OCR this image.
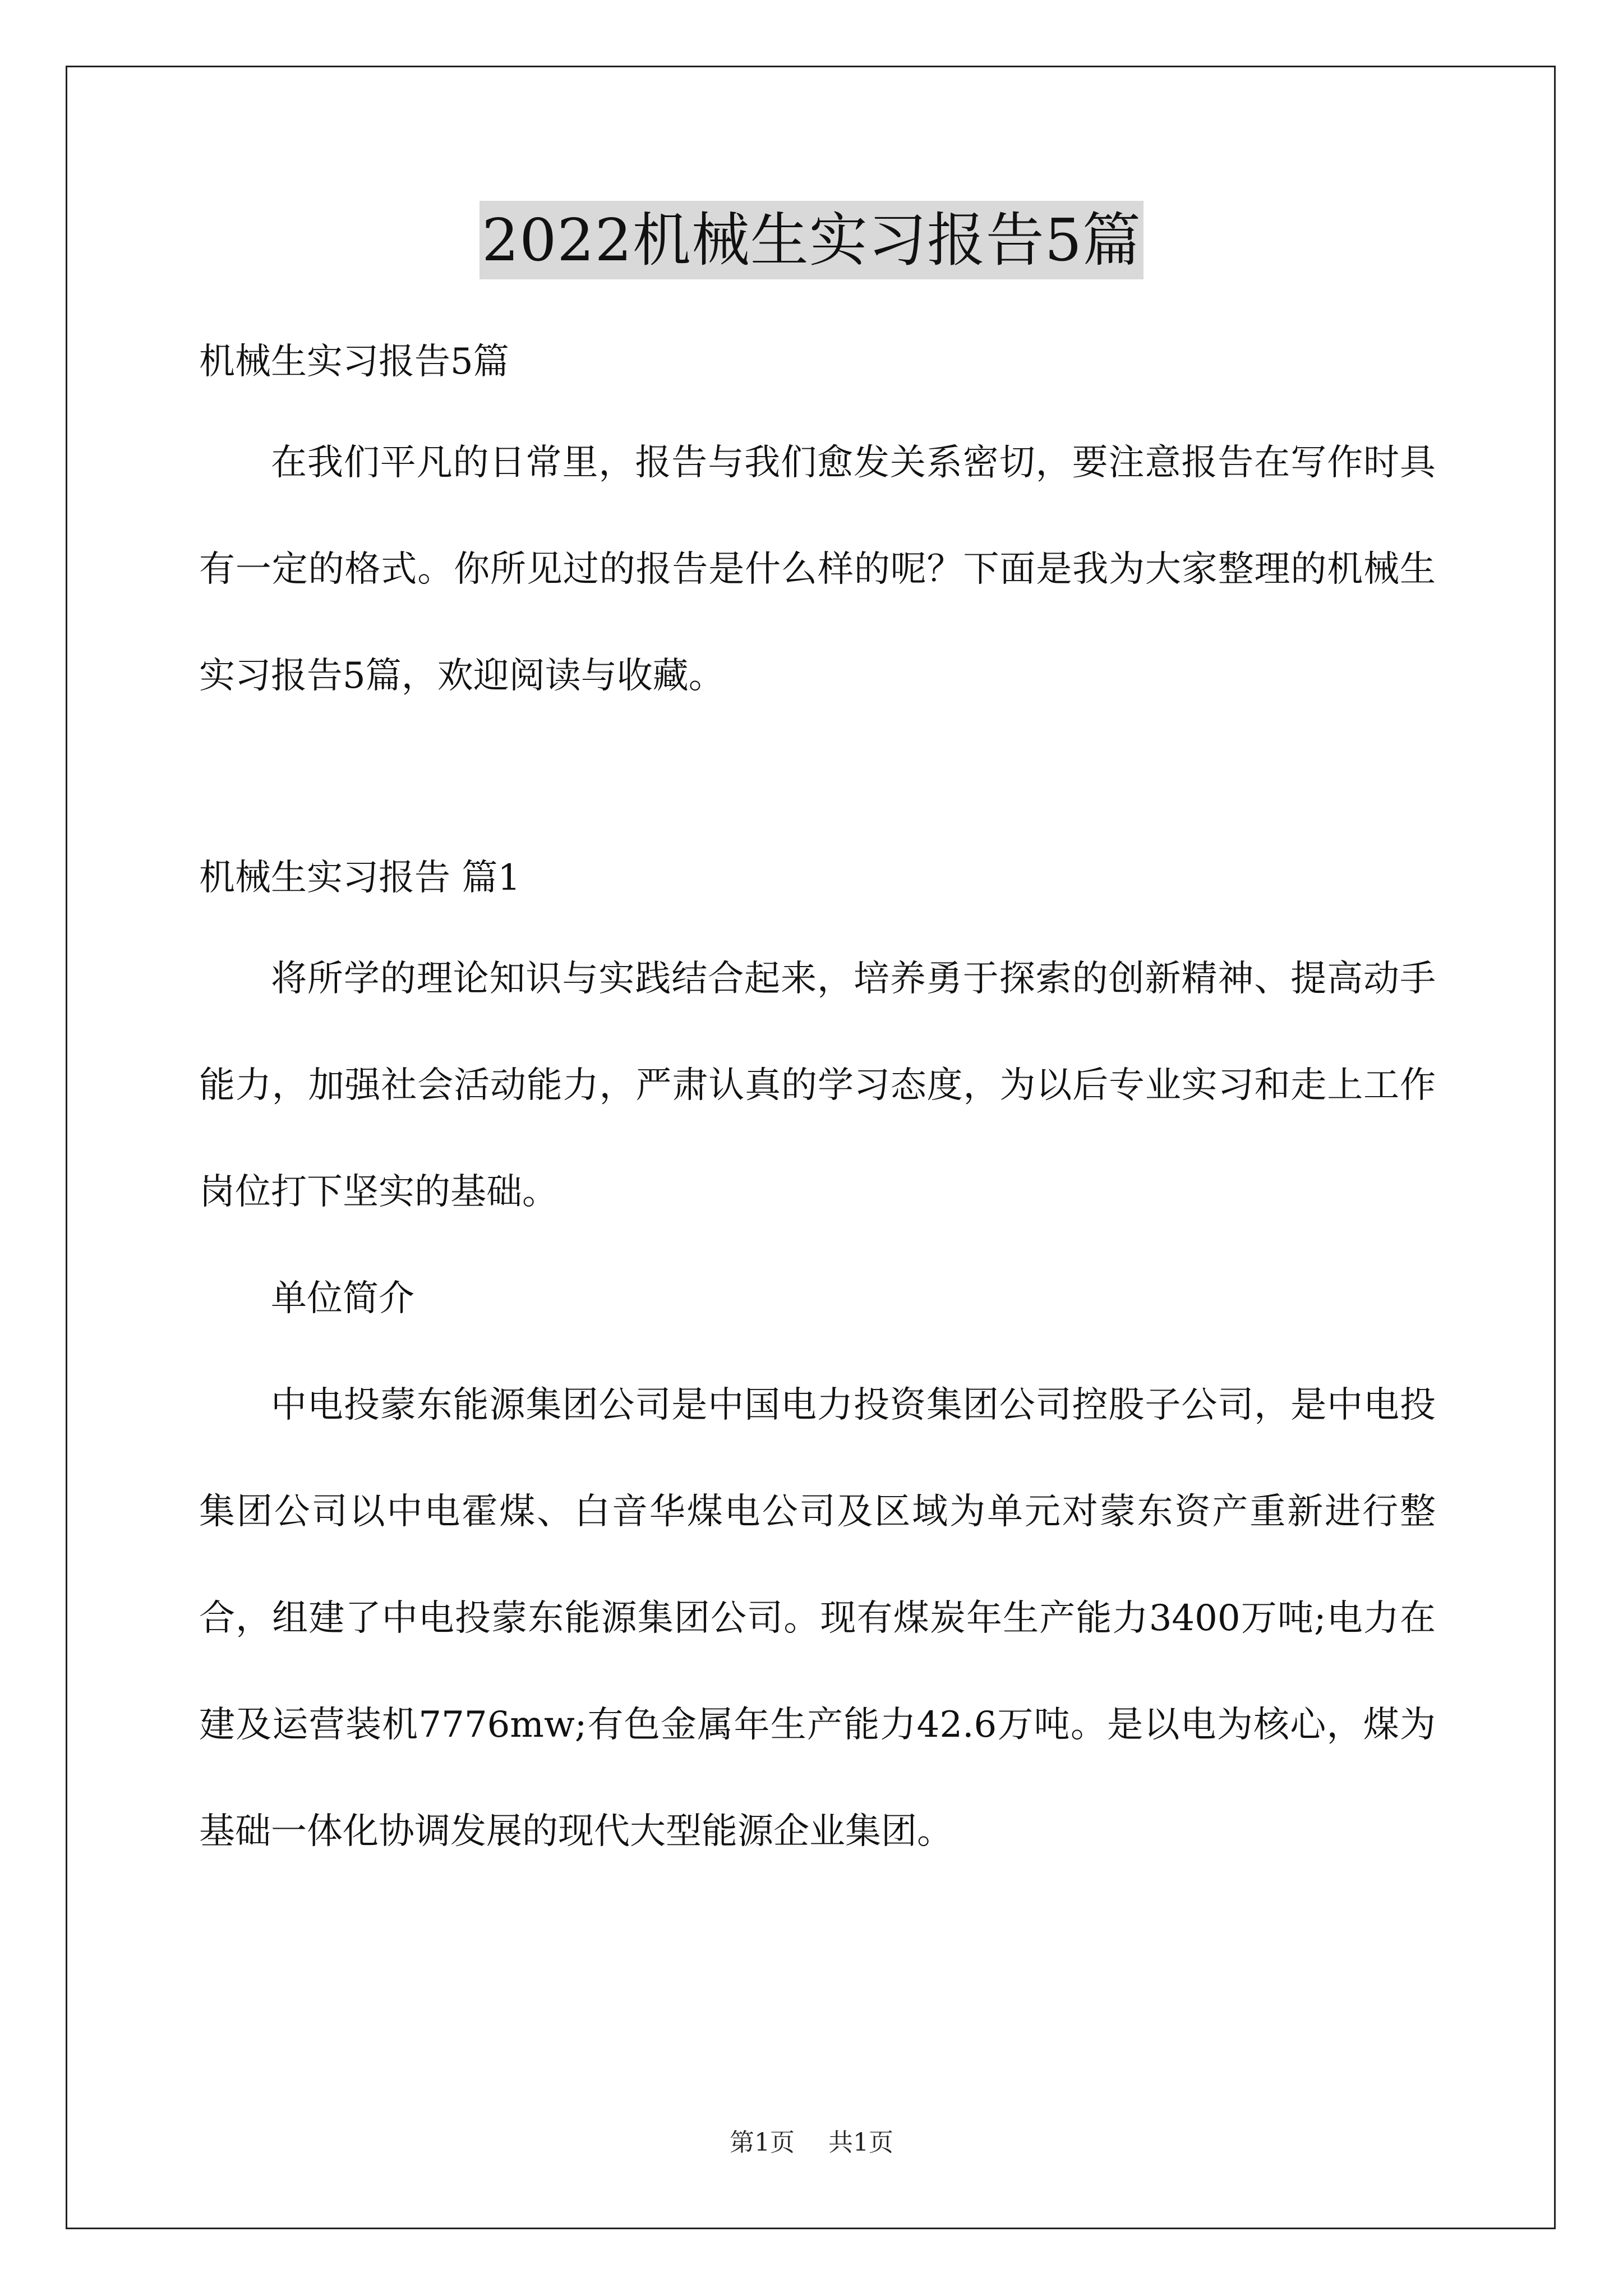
2022机械生实习报告5篇
机械生实习报告5篇

在我们平凡的日常里，报告与我们愈发关系密切，要注意报告在写作时具有一定的格式。你所见过的报告是什么样的呢？下面是我为大家整理的机械生实习报告5篇，欢迎阅读与收藏。

机械生实习报告 篇1

将所学的理论知识与实践结合起来，培养勇于探索的创新精神、提高动手能力，加强社会活动能力，严肃认真的学习态度，为以后专业实习和走上工作岗位打下坚实的基础。

单位简介

中电投蒙东能源集团公司是中国电力投资集团公司控股子公司，是中电投集团公司以中电霍煤、白音华煤电公司及区域为单元对蒙东资产重新进行整合，组建了中电投蒙东能源集团公司。现有煤炭年生产能力3400万吨;电力在建及运营装机7776mw;有色金属年生产能力42.6万吨。是以电为核心，煤为基础一体化协调发展的现代大型能源企业集团。

第1页 共1页
